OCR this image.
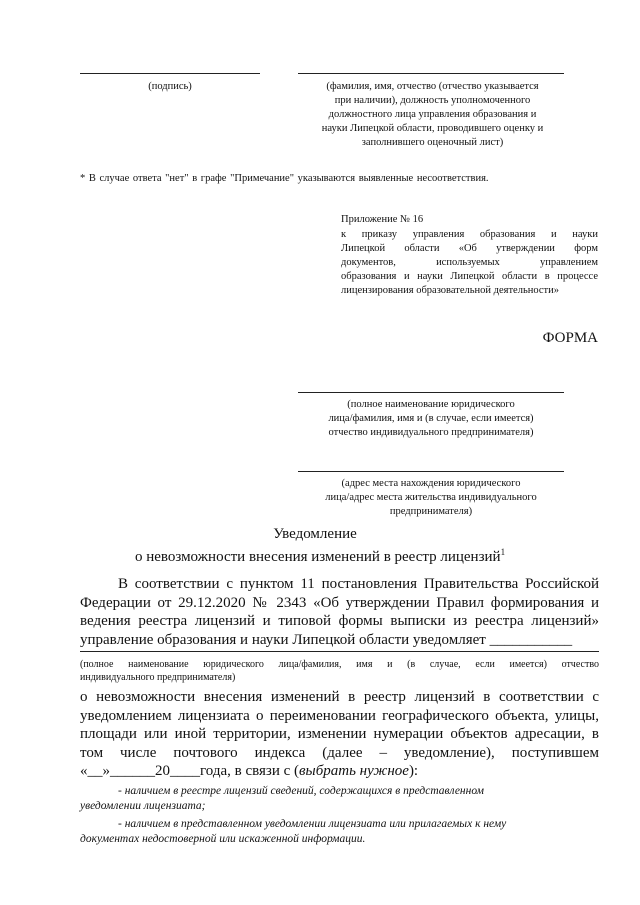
(подпись)	(фамилия, имя, отчество (отчество указывается
при наличии), должность уполномоченного
должностного лица управления образования и
науки Липецкой области, проводившего оценку и
заполнившего оценочный лист)
* В случае ответа "нет" в графе "Примечание" указываются выявленные несоответствия.
Приложение № 16
к приказу управления образования и науки
Липецкой области «Об утверждении форм
документов, используемых управлением
образования и науки Липецкой области в процессе
лицензирования образовательной деятельности»
ФОРМА
(полное наименование юридического
лица/фамилия, имя и (в случае, если имеется)
отчество индивидуального предпринимателя)
(адрес места нахождения юридического
лица/адрес места жительства индивидуального
предпринимателя)
Уведомление
о невозможности внесения изменений в реестр лицензий$^1$
В соответствии с пунктом 11 постановления Правительства Российской
Федерации от 29.12.2020 № 2343 «Об утверждении Правил формирования и
ведения реестра лицензий и типовой формы выписки из реестра лицензий»
управление образования и науки Липецкой области уведомляет ___________
(полное наименование юридического лица/фамилия, имя и (в случае, если имеется) отчество
индивидуального предпринимателя)
о невозможности внесения изменений в реестр лицензий в соответствии с
уведомлением лицензиата о переименовании географического объекта, улицы,
площади или иной территории, изменении нумерации объектов адресации, в
том числе почтового индекса (далее – уведомление), поступившем
«__»______20____года, в связи с (выбрать нужное):
- наличием в реестре лицензий сведений, содержащихся в представленном
уведомлении лицензиата;
- наличием в представленном уведомлении лицензиата или прилагаемых к нему
документах недостоверной или искаженной информации.
